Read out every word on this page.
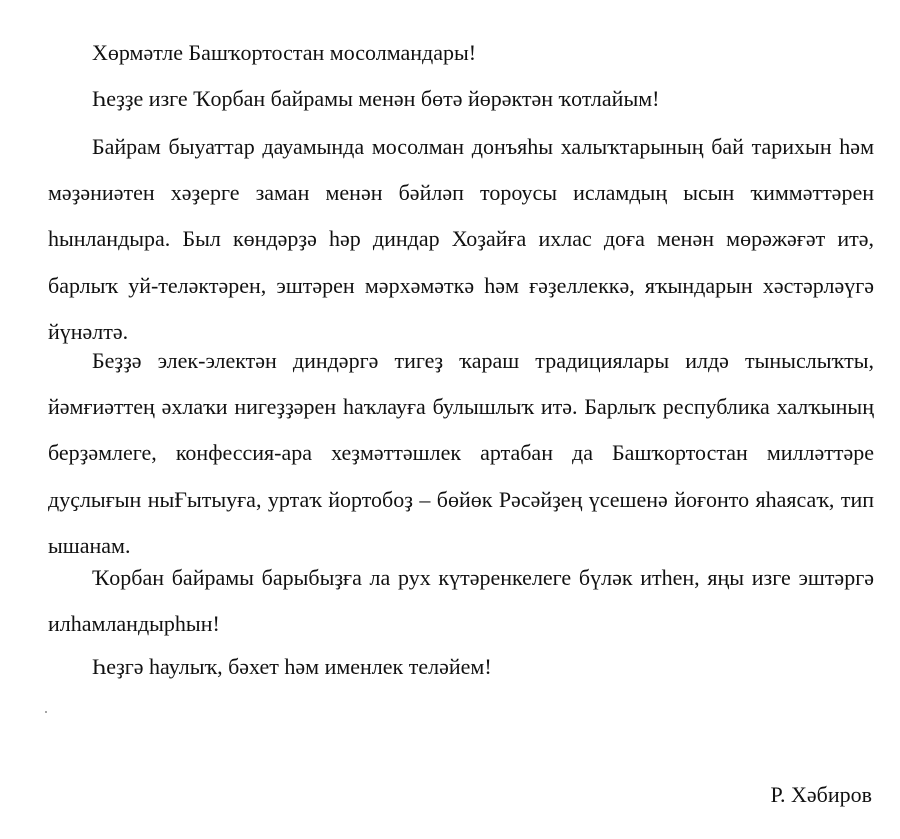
Хөрмәтле Башҡортостан мосолмандары!
Һеҙҙе изге Ҡорбан байрамы менән бөтә йөрәктән ҡотлайым!

Байрам быуаттар дауамында мосолман донъяһы халыҡтарының бай тарихын һәм мәҙәниәтен хәҙерге заман менән бәйләп тороусы исламдың ысын ҡиммәттәрен һынландыра. Был көндәрҙә һәр диндар Хоҙайға ихлас доға менән мөрәжәғәт итә, барлыҡ уй-теләктәрен, эштәрен мәрхәмәткә һәм ғәҙеллеккә, яҡындарын хәстәрләүгә йүнәлтә.

Беҙҙә элек-электән диндәргә тигеҙ ҡараш традициялары илдә тыныслыҡты, йәмғиәттең әхлаҡи нигеҙҙәрен һаҡлауға булышлыҡ итә. Барлыҡ республика халҡының берҙәмлеге, конфессия-ара хеҙмәттәшлек артабан да Башҡортостан милләттәре дуҫлығын ныҒытыуға, уртаҡ йортобоҙ – бөйөк Рәсәйҙең үсешенә йоғонто яһаясаҡ, тип ышанам.

Ҡорбан байрамы барыбыҙға ла рух күтәренкелеге бүләк итһен, яңы изге эштәргә илһамландырһын!

Һеҙгә һаулыҡ, бәхет һәм именлек теләйем!
Р. Хәбиров
